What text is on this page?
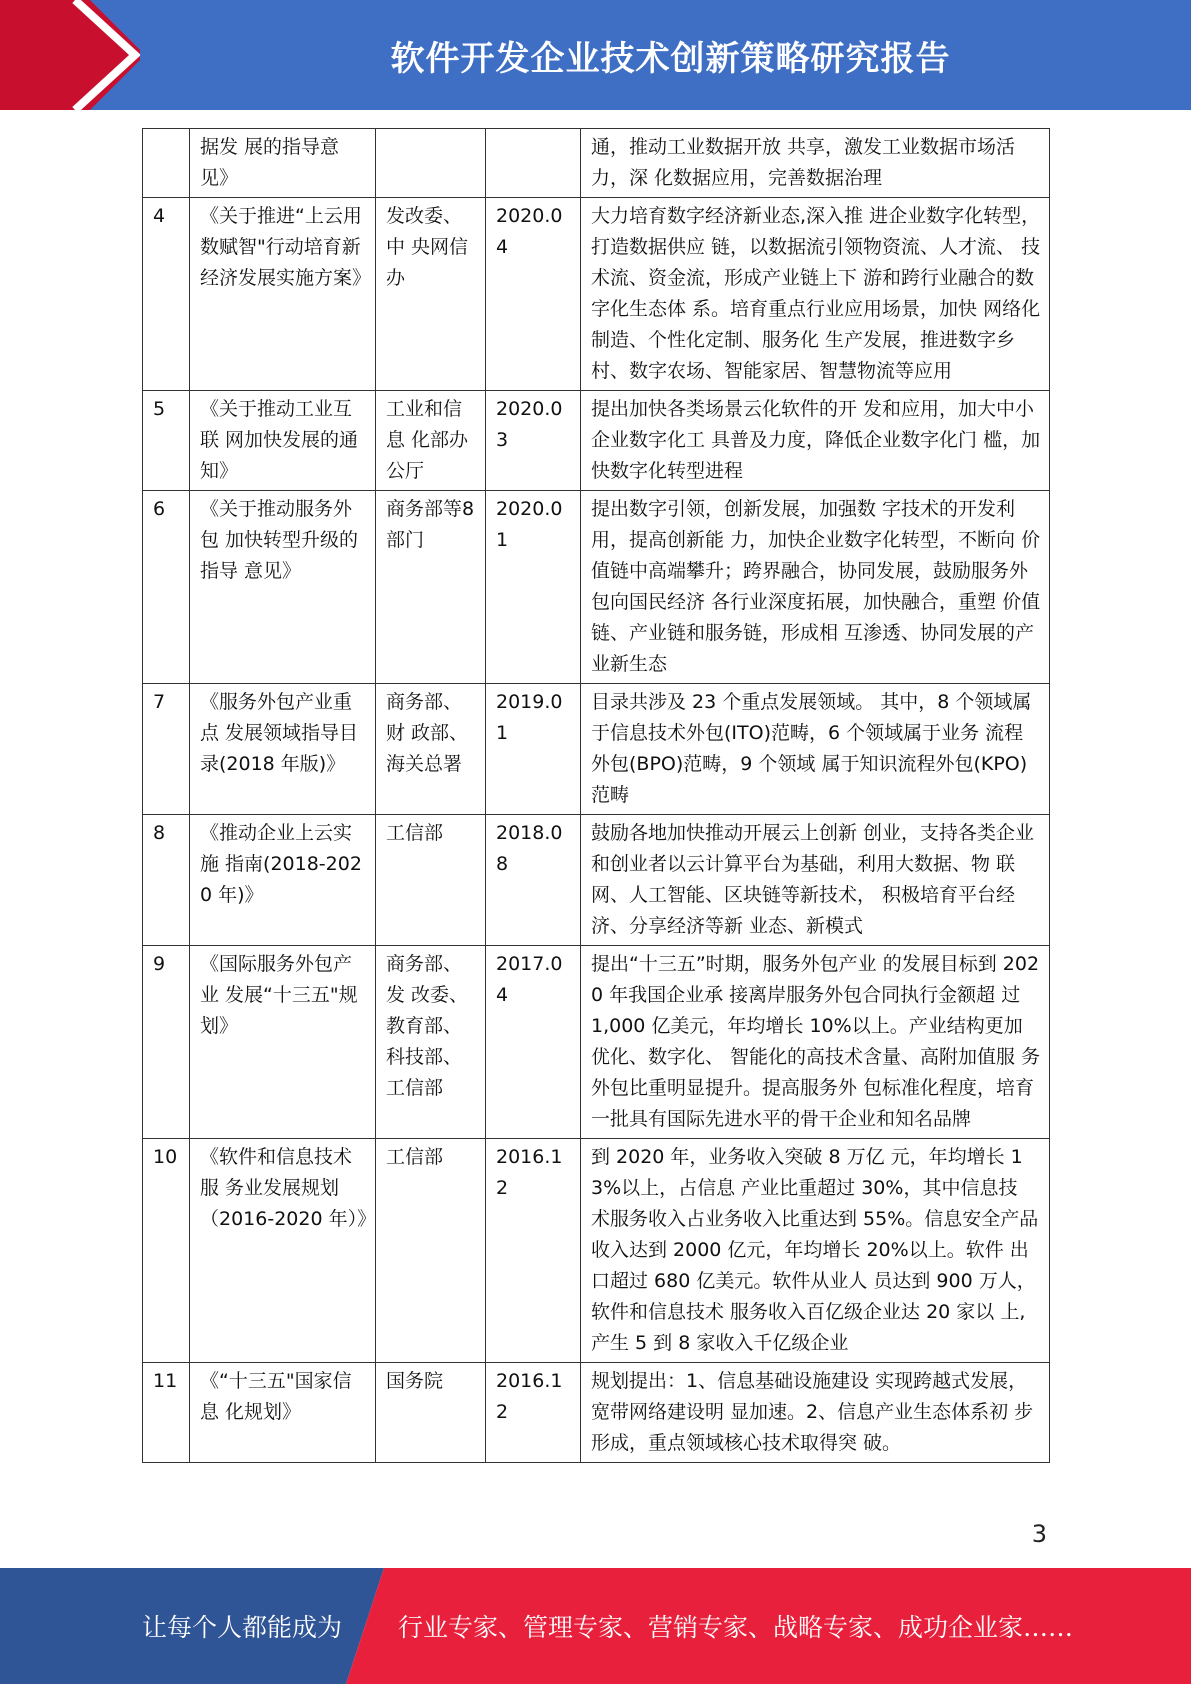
软件开发企业技术创新策略研究报告
	据发 展的指导意见》			通，推动工业数据开放 共享，激发工业数据市场活力，深 化数据应用，完善数据治理
4	《关于推进“上云用 数赋智"行动培育新 经济发展实施方案》	发改委、中 央网信办	2020.04	大力培育数字经济新业态,深入推 进企业数字化转型，打造数据供应 链，以数据流引领物资流、人才流、 技术流、资金流，形成产业链上下 游和跨行业融合的数字化生态体 系。培育重点行业应用场景，加快 网络化制造、个性化定制、服务化 生产发展，推进数字乡村、数字农场、智能家居、智慧物流等应用
5	《关于推动工业互联 网加快发展的通知》	工业和信息 化部办公厅	2020.03	提出加快各类场景云化软件的开 发和应用，加大中小企业数字化工 具普及力度，降低企业数字化门 槛，加快数字化转型进程
6	《关于推动服务外包 加快转型升级的指导 意见》	商务部等8 部门	2020.01	提出数字引领，创新发展，加强数 字技术的开发利用，提高创新能 力，加快企业数字化转型，不断向 价值链中高端攀升；跨界融合，协同发展，鼓励服务外包向国民经济 各行业深度拓展，加快融合，重塑 价值链、产业链和服务链，形成相 互渗透、协同发展的产业新生态
7	《服务外包产业重点 发展领域指导目录(2018 年版)》	商务部、财 政部、海关总署	2019.01	目录共涉及 23 个重点发展领域。 其中，8 个领域属于信息技术外包(ITO)范畴，6 个领域属于业务 流程外包(BPO)范畴，9 个领域 属于知识流程外包(KPO)范畴
8	《推动企业上云实施 指南(2018-2020 年)》	工信部	2018.08	鼓励各地加快推动开展云上创新 创业，支持各类企业和创业者以云计算平台为基础，利用大数据、物 联网、人工智能、区块链等新技术， 积极培育平台经济、分享经济等新 业态、新模式
9	《国际服务外包产业 发展“十三五"规划》	商务部、发 改委、教育部、科技部、工信部	2017.04	提出“十三五”时期，服务外包产业 的发展目标到 2020 年我国企业承 接离岸服务外包合同执行金额超 过 1,000 亿美元，年均增长 10%以上。产业结构更加优化、数字化、 智能化的高技术含量、高附加值服 务外包比重明显提升。提高服务外 包标准化程度，培育一批具有国际先进水平的骨干企业和知名品牌
10	《软件和信息技术服 务业发展规划（2016-2020 年）》	工信部	2016.12	到 2020 年，业务收入突破 8 万亿 元，年均增长 13%以上，占信息 产业比重超过 30%，其中信息技 术服务收入占业务收入比重达到 55%。信息安全产品收入达到 2000 亿元，年均增长 20%以上。软件 出口超过 680 亿美元。软件从业人 员达到 900 万人，软件和信息技术 服务收入百亿级企业达 20 家以 上,产生 5 到 8 家收入千亿级企业
11	《“十三五"国家信息 化规划》	国务院	2016.12	规划提出：1、信息基础设施建设 实现跨越式发展，宽带网络建设明 显加速。2、信息产业生态体系初 步形成，重点领域核心技术取得突 破。
3
让每个人都能成为 行业专家、管理专家、营销专家、战略专家、成功企业家……
